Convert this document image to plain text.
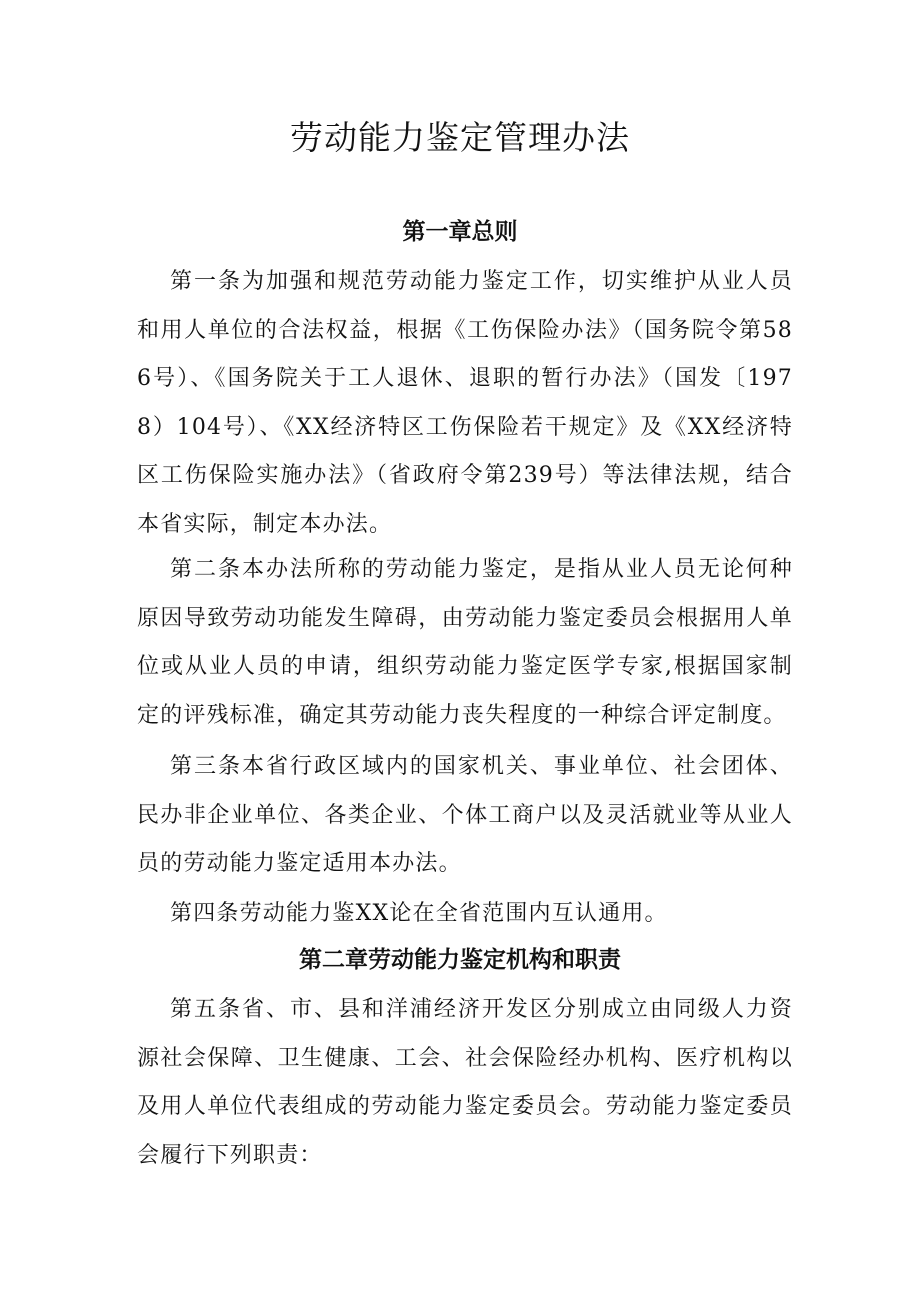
劳动能力鉴定管理办法
第一章总则

第一条为加强和规范劳动能力鉴定工作，切实维护从业人员和用人单位的合法权益，根据《工伤保险办法》（国务院令第586号）、《国务院关于工人退休、退职的暂行办法》（国发〔1978）104号）、《XX经济特区工伤保险若干规定》及《XX经济特区工伤保险实施办法》（省政府令第239号）等法律法规，结合本省实际，制定本办法。

第二条本办法所称的劳动能力鉴定，是指从业人员无论何种原因导致劳动功能发生障碍，由劳动能力鉴定委员会根据用人单位或从业人员的申请，组织劳动能力鉴定医学专家,根据国家制定的评残标准，确定其劳动能力丧失程度的一种综合评定制度。

第三条本省行政区域内的国家机关、事业单位、社会团体、民办非企业单位、各类企业、个体工商户以及灵活就业等从业人员的劳动能力鉴定适用本办法。

第四条劳动能力鉴XX论在全省范围内互认通用。

第二章劳动能力鉴定机构和职责

第五条省、市、县和洋浦经济开发区分别成立由同级人力资源社会保障、卫生健康、工会、社会保险经办机构、医疗机构以及用人单位代表组成的劳动能力鉴定委员会。劳动能力鉴定委员会履行下列职责：
